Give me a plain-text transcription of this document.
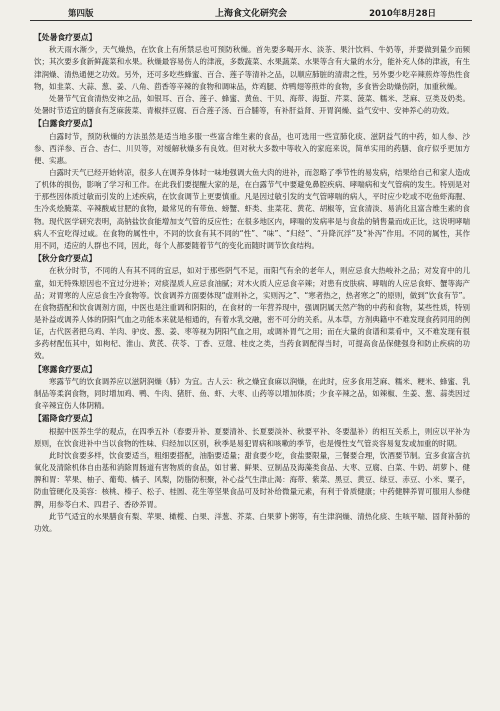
第四版	上海食文化研究会	2010年8月28日
【处暑食疗要点】

秋天雨水渐少，天气燥热，在饮食上有所禁忌也可预防秋燥。首先要多喝开水、淡茶、果汁饮料、牛奶等，并要做到量少而频饮；其次要多食新鲜蔬菜和水果。秋燥最容易伤人的津液，多数蔬菜、水果蔬菜、水果等含有大量的水分，能补充人体的津液，有生津润燥、清热通便之功效。另外，还可多吃些蜂蜜、百合、莲子等清补之品，以顺应肺脏的清肃之性，另外要少吃辛辣煎炸等热性食物，如韭菜、大蒜、葱、姜、八角、茴香等辛辣的食物和调味品，炸鸡腿、炸鸭翅等煎炸的食物，多食皆会助燥伤阴，加重秋燥。

处暑节气宜食清热安神之品，如银耳、百合、莲子、蜂蜜、黄鱼、干贝、海带、海蜇、芹菜、菠菜、糯米、芝麻、豆类及奶类。处暑时节适宜的膳食有芝麻菠菜、青椒拌豆腐、百合莲子汤、百合脯等，有补肝益肾、开胃润燥、益气安中、安神养心的功效。

【白露食疗要点】

白露时节，预防秋燥的方法虽然是适当地多服一些富含维生素的食品，也可选用一些宣肺化痰、滋阴益气的中药，如人参、沙参、西洋参、百合、杏仁、川贝等，对缓解秋燥多有良效。但对秋大多数中等收入的家庭来说，简单实用的药膳、食疗似乎更加方便、实惠。

白露时天气已经开始转凉，很多人在调养身体时一味地强调大鱼大肉的进补，而忽略了季节性的易发病，结果给自己和家人造成了机体的损伤，影响了学习和工作。在此我们要提醒大家的是，在白露节气中要避免鼻腔疾病、哮喘病和支气管病的发生。特别是对于那些因体质过敏而引发的上述疾病，在饮食调节上更要慎重。凡是因过敏引发的支气管哮喘的病人，平时应少吃或不吃鱼虾海腥、生冷炙烩腌菜、辛辣酸咸甘肥的食物，最常见的有带鱼、螃蟹、虾类、韭菜花、黄花、胡椒等，宜食清淡、易消化且富含维生素的食物。现代医学研究表明，高钠盐饮食能增加支气管的反应性；在很多地区内，哮喘的发病率是与食盐的销售量而成正比，这说明哮喘病人不宜吃得过咸。在食物的属性中，不同的饮食有其不同的“性”、“味”、“归经”、“升降沉浮”及“补泻”作用。不同的属性，其作用不同，适应的人群也不同，因此，每个人都要随着节气的变化而随时调节饮食结构。

【秋分食疗要点】

在秋分时节，不同的人有其不同的宜忌，如对于那些阴气不足，而阳气有余的老年人，则应忌食大热峻补之品；对发育中的儿童，如无特殊原因也不宜过分进补；对痰湿质人应忌食油腻；对木火质人应忌食辛辣；对患有皮肤病、哮喘的人应忌食虾、蟹等海产品；对胃寒的人应忌食生冷食物等。饮食调养方面要体现“虚则补之，实则泻之”、“寒者热之，热者寒之”的原则，做到“饮食有节”。在食物搭配和饮食调剂方面，中医也是注重调和阴阳的，在食材的一年营养现中，强调阴属天然产物的中药和食物，某些性质，特别是补益或调养人体的阴阳气血之功能本来就是相通的，有着水乳交融，密不可分的关系。从本草，方剂典籍中不难发现食药同用的例证，古代医者把乌鸡、羊肉、驴皮、葱、姜、枣等视为阴阳气血之用，或调补胃气之用；而在大量的食谱和菜肴中，又不难发现有很多药材配伍其中，如枸杞、淮山、黄芪、茯苓、丁香、豆蔻、桂皮之类，当药食调配得当时，可提高食品保健强身和防止疾病的功效。

【寒露食疗要点】

寒露节气的饮食调养应以滋阴润燥（肺）为宜。古人云：秋之燥宜食麻以润燥，在此时，应多食用芝麻、糯米、粳米、蜂蜜、乳制品等柔润食物，同时增加鸡、鸭、牛肉、猪肝、鱼、虾、大枣、山药等以增加体质；少食辛辣之品，如辣椒、生姜、葱、蒜类因过食辛辣宜伤人体阴精。

【霜降食疗要点】

根据中医养生学的观点，在四季五补（春要升补、夏要清补、长夏要淡补、秋要平补、冬要温补）的相互关系上，则应以平补为原则，在饮食进补中当以食物的性味、归经加以区别，秋季是易犯胃病和咳嗽的季节，也是慢性支气管炎容易复发或加重的时期。

此时饮食要多样，饮食要适当，粗细要搭配，油脂要适量；甜食要少吃，食盐要限量，三餐要合理，饮酒要节制。宜多食富含抗氧化及清除机体自由基和消除胃肠道有害物质的食品，如甘薯、鲜果、豆制品及海藻类食品、大枣、豆腐、白菜、牛奶、胡萝卜、健脾和胃：苹果、柚子、葡萄、橘子、风梨，防脂防积聚，补心益气生津止渴：海带、紫菜、黑豆、黄豆、绿豆、赤豆、小米、粟子，防血管硬化及美容：核桃、榛子、松子、桂圆、花生等坚果食品可及时补给微量元素，有利于骨质健康；中药健脾养胃可服用人参健脾，用参苓白术、四君子、香砂养胃。

此节气适宜的水果膳食有梨、苹果、橄榄、白果、洋葱、芥菜、白果萝卜粥等，有生津润燥、清热化痰、生咳平喘、固肾补肺的功效。
